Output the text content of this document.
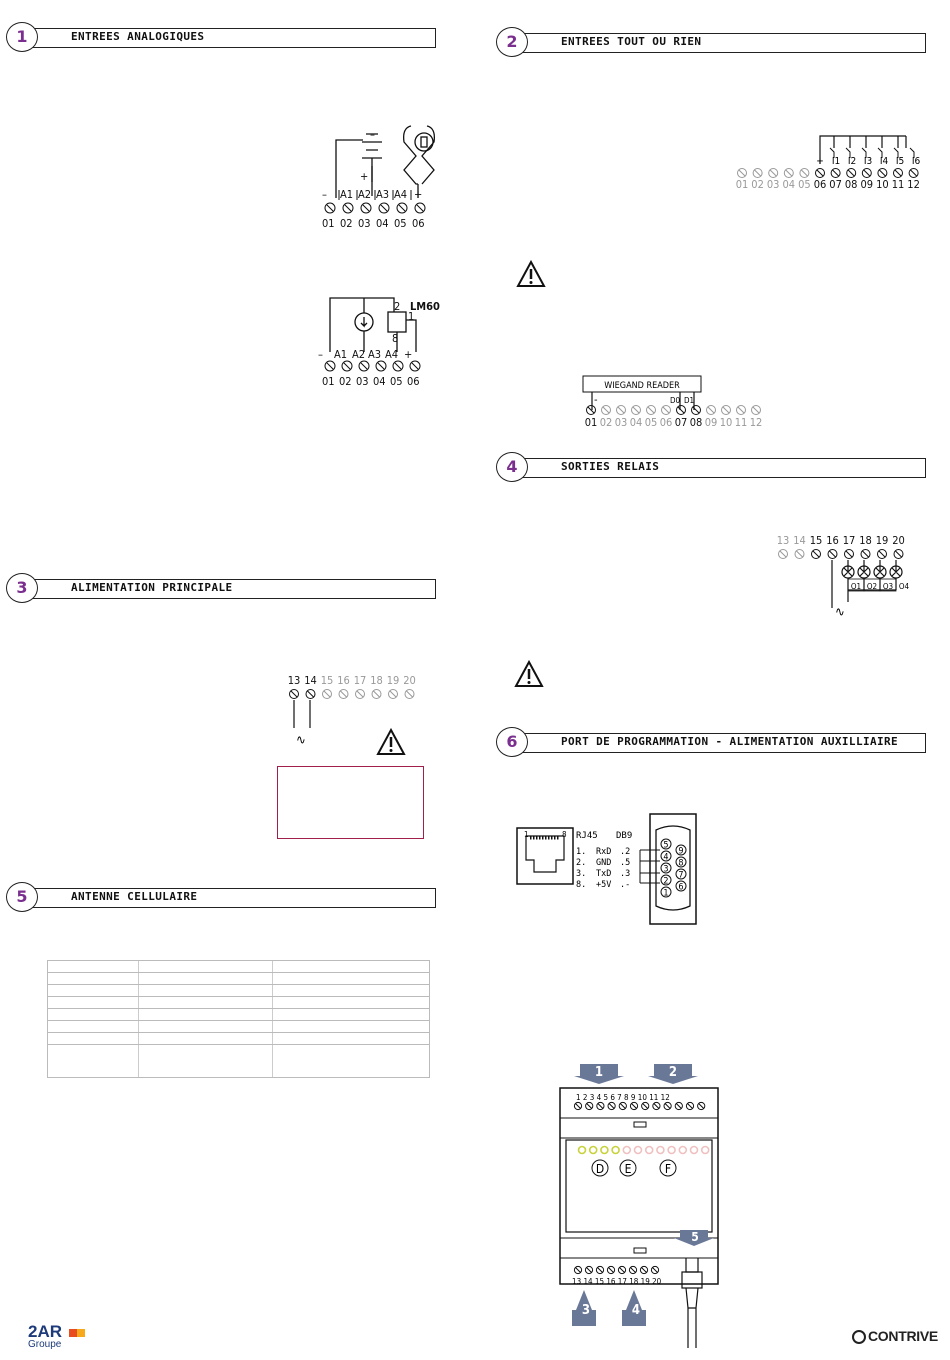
1	ENTREES ANALOGIQUES	2	ENTREES TOUT OU RIEN
3	ALIMENTATION PRINCIPALE
4	SORTIES RELAIS
5	ANTENNE CELLULAIRE
6	PORT DE PROGRAMMATION - ALIMENTATION AUXILLIAIRE
–
+
– A1 A2 A3 A4 +
01 02 03 04 05 06
2
1
8
LM60
– A1 A2 A3 A4 +
01 02 03 04 05 06
+ I1 I2 I3 I4 I5 I6
01 02 03 04 05 06 07 08 09 10 11 12
WIEGAND READER
-	D0 D1
01 02 03 04 05 06 07 08 09 10 11 12
13 14 15 16 17 18 19 20
O1 O2 O3 O4
∿
13 14 15 16 17 18 19 20
∿

1	8 RJ45 DB9
1. RxD .2
2. GND .5
3. TxD .3
8. +5V .-
5
4
3
2
1
9
8
7
6
1	2
1 2 3 4 5 6 7 8 9 10 11 12
D E	F
13 14 15 16 17 18 19 20
5
3	4
2AR
Groupe
CONTRIVE
